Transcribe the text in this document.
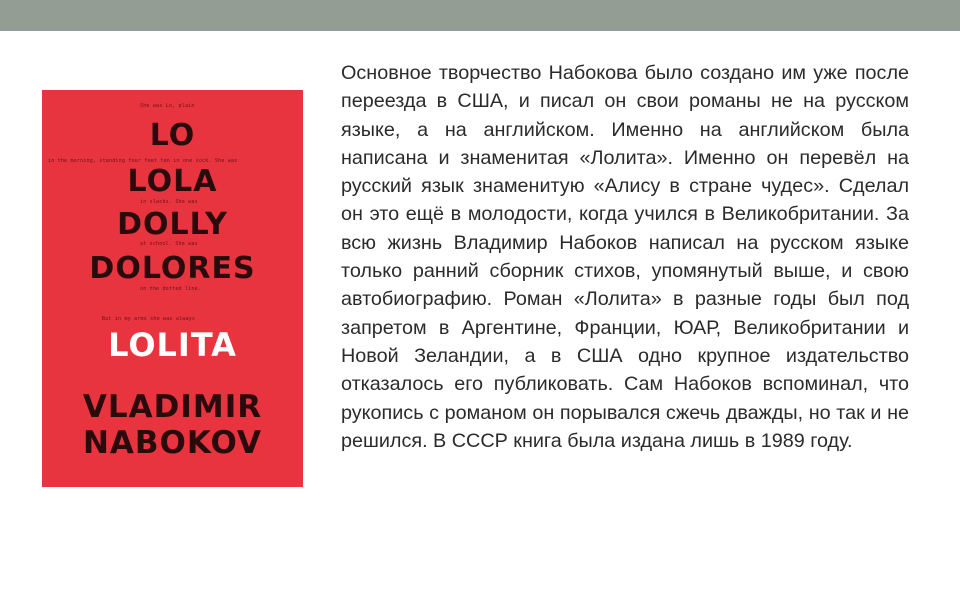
She was Lo, plain
LO
in the morning, standing four feet ten in one sock. She was
LOLA
in slacks. She was
DOLLY
at school. She was
DOLORES
on the dotted line.
But in my arms she was always
LOLITA
VLADIMIR
NABOKOV

Основное творчество Набокова было создано им уже после переезда в США, и писал он свои романы не на русском языке, а на английском. Именно на английском была написана и знаменитая «Лолита». Именно он перевёл на русский язык знаменитую «Алису в стране чудес». Сделал он это ещё в молодости, когда учился в Великобритании. За всю жизнь Владимир Набоков написал на русском языке только ранний сборник стихов, упомянутый выше, и свою автобиографию. Роман «Лолита» в разные годы был под запретом в Аргентине, Франции, ЮАР, Великобритании и Новой Зеландии, а в США одно крупное издательство отказалось его публиковать. Сам Набоков вспоминал, что рукопись с романом он порывался сжечь дважды, но так и не решился. В СССР книга была издана лишь в 1989 году.
